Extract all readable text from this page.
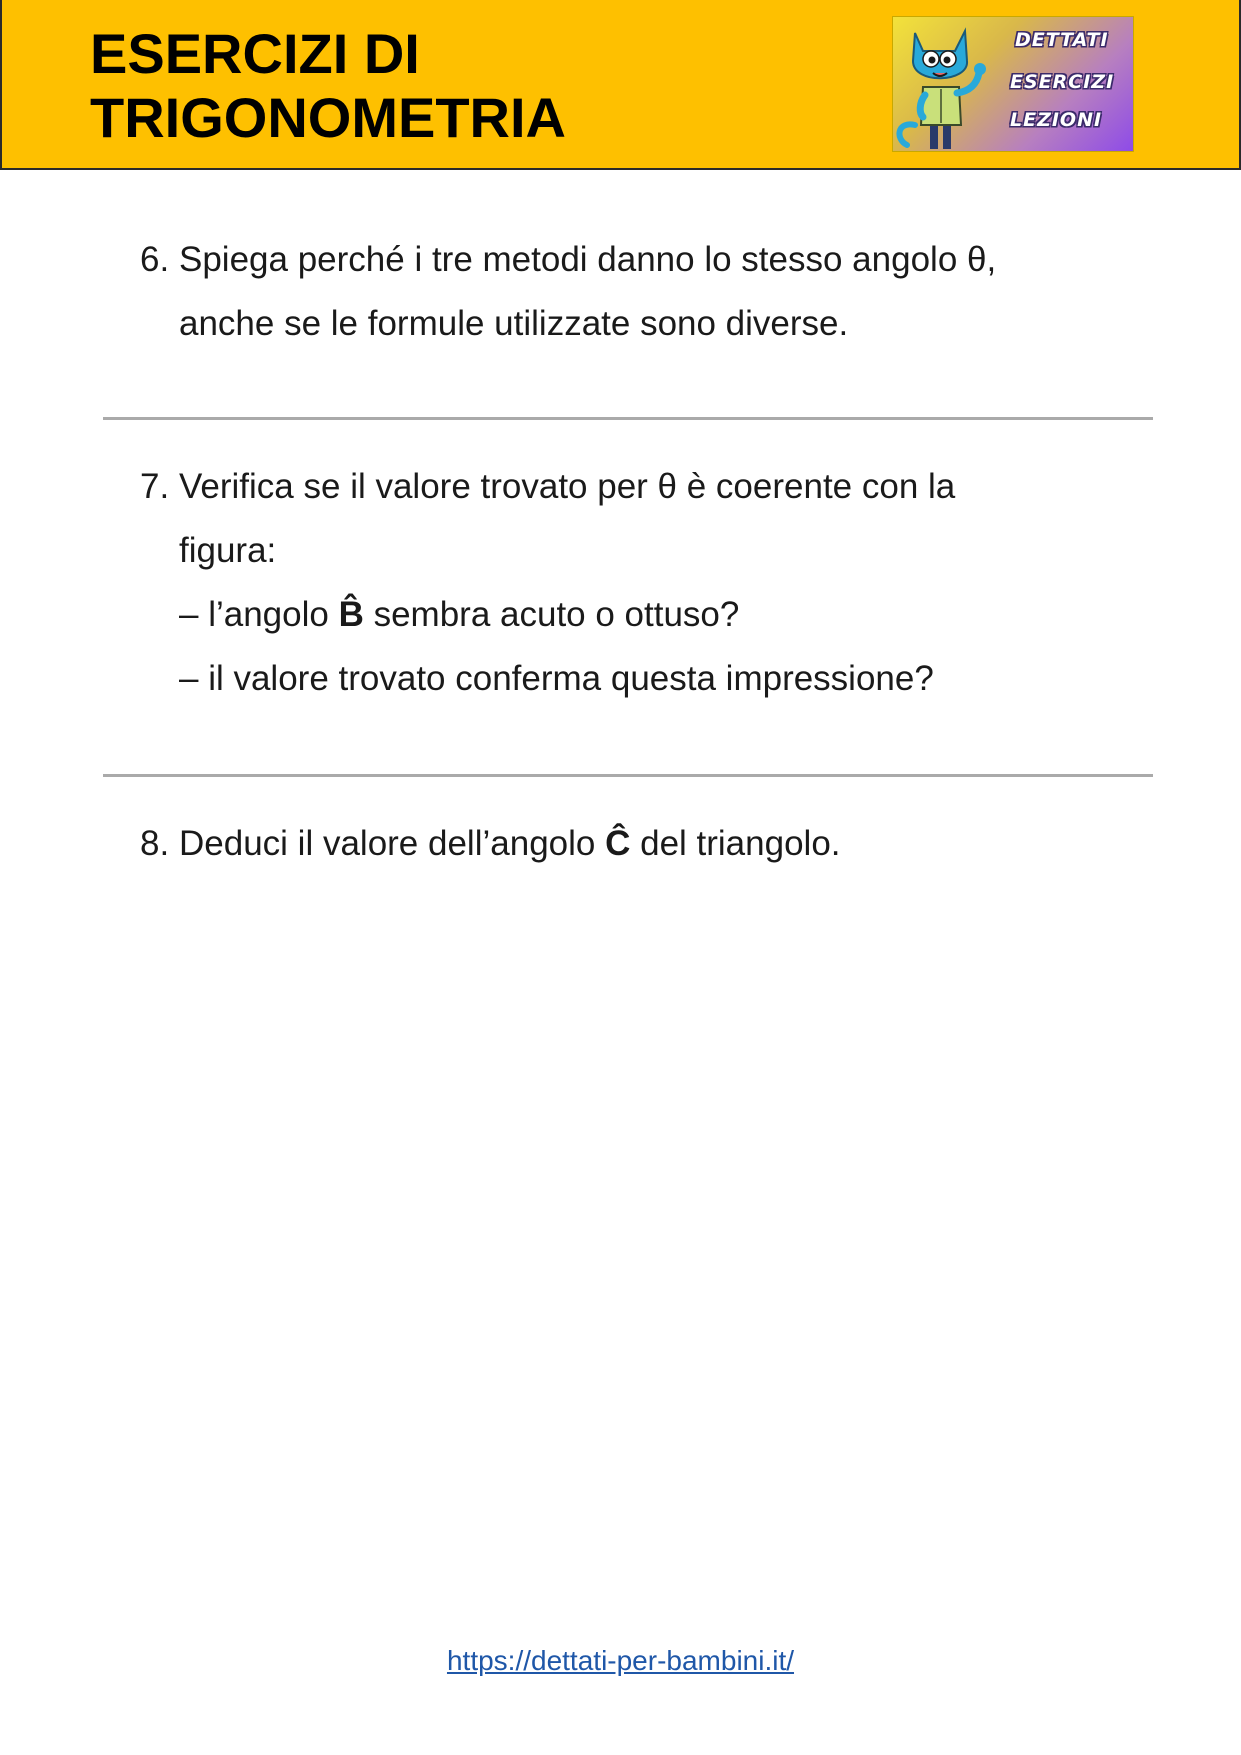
ESERCIZI DI
TRIGONOMETRIA
DETTATI
ESERCIZI
LEZIONI
6. Spiega perché i tre metodi danno lo stesso angolo θ,
anche se le formule utilizzate sono diverse.
7. Verifica se il valore trovato per θ è coerente con la
figura:
– l’angolo B̂ sembra acuto o ottuso?
– il valore trovato conferma questa impressione?
8. Deduci il valore dell’angolo Ĉ del triangolo.
https://dettati-per-bambini.it/
